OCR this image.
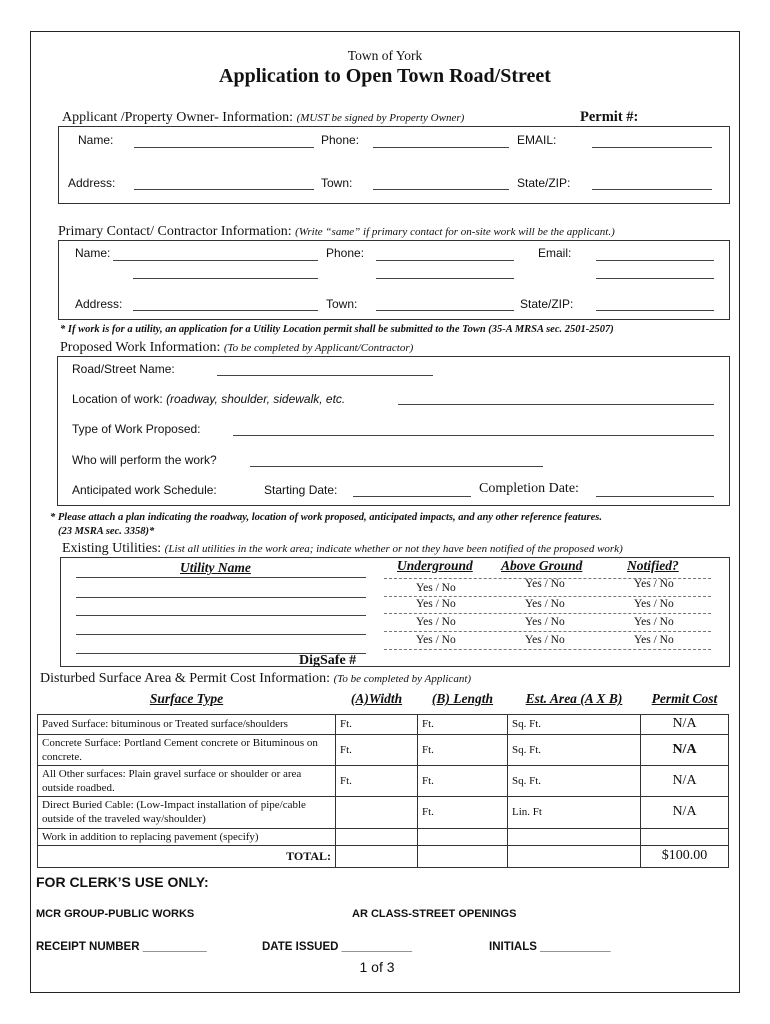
Town of York
Application to Open Town Road/Street
Applicant /Property Owner- Information: (MUST be signed by Property Owner)	Permit #:
Name:	Phone:	EMAIL:
Address:	Town:	State/ZIP:
Primary Contact/ Contractor Information: (Write “same” if primary contact for on-site work will be the applicant.)
Name:	Phone:	Email:
Address:	Town:	State/ZIP:
* If work is for a utility, an application for a Utility Location permit shall be submitted to the Town (35-A MRSA sec. 2501-2507)
Proposed Work Information: (To be completed by Applicant/Contractor)
Road/Street Name:
Location of work: (roadway, shoulder, sidewalk, etc.
Type of Work Proposed:
Who will perform the work?
Anticipated work Schedule:	Starting Date:	Completion Date:
* Please attach a plan indicating the roadway, location of work proposed, anticipated impacts, and any other reference features.
(23 MSRA sec. 3358)*
Existing Utilities: (List all utilities in the work area; indicate whether or not they have been notified of the proposed work)
Utility Name	Underground Above Ground	Notified?
Yes / No	Yes / No	Yes / No
Yes / No	Yes / No	Yes / No
Yes / No	Yes / No	Yes / No
Yes / No	Yes / No	Yes / No
DigSafe #
Disturbed Surface Area & Permit Cost Information: (To be completed by Applicant)
Surface Type	(A)Width	(B) Length	Est. Area (A X B)	Permit Cost
Paved Surface: bituminous or Treated surface/shoulders	Ft.	Ft.	Sq. Ft.	N/A
Concrete Surface: Portland Cement concrete or Bituminous on concrete.	Ft.	Ft.	Sq. Ft.	N/A
All Other surfaces: Plain gravel surface or shoulder or area outside roadbed.	Ft.	Ft.	Sq. Ft.	N/A
Direct Buried Cable: (Low-Impact installation of pipe/cable outside of the traveled way/shoulder)		Ft.	Lin. Ft	N/A
Work in addition to replacing pavement (specify)				
TOTAL:				$100.00
FOR CLERK’S USE ONLY:
MCR GROUP-PUBLIC WORKS	AR CLASS-STREET OPENINGS
RECEIPT NUMBER __________	DATE ISSUED ___________	INITIALS ___________
1 of 3
